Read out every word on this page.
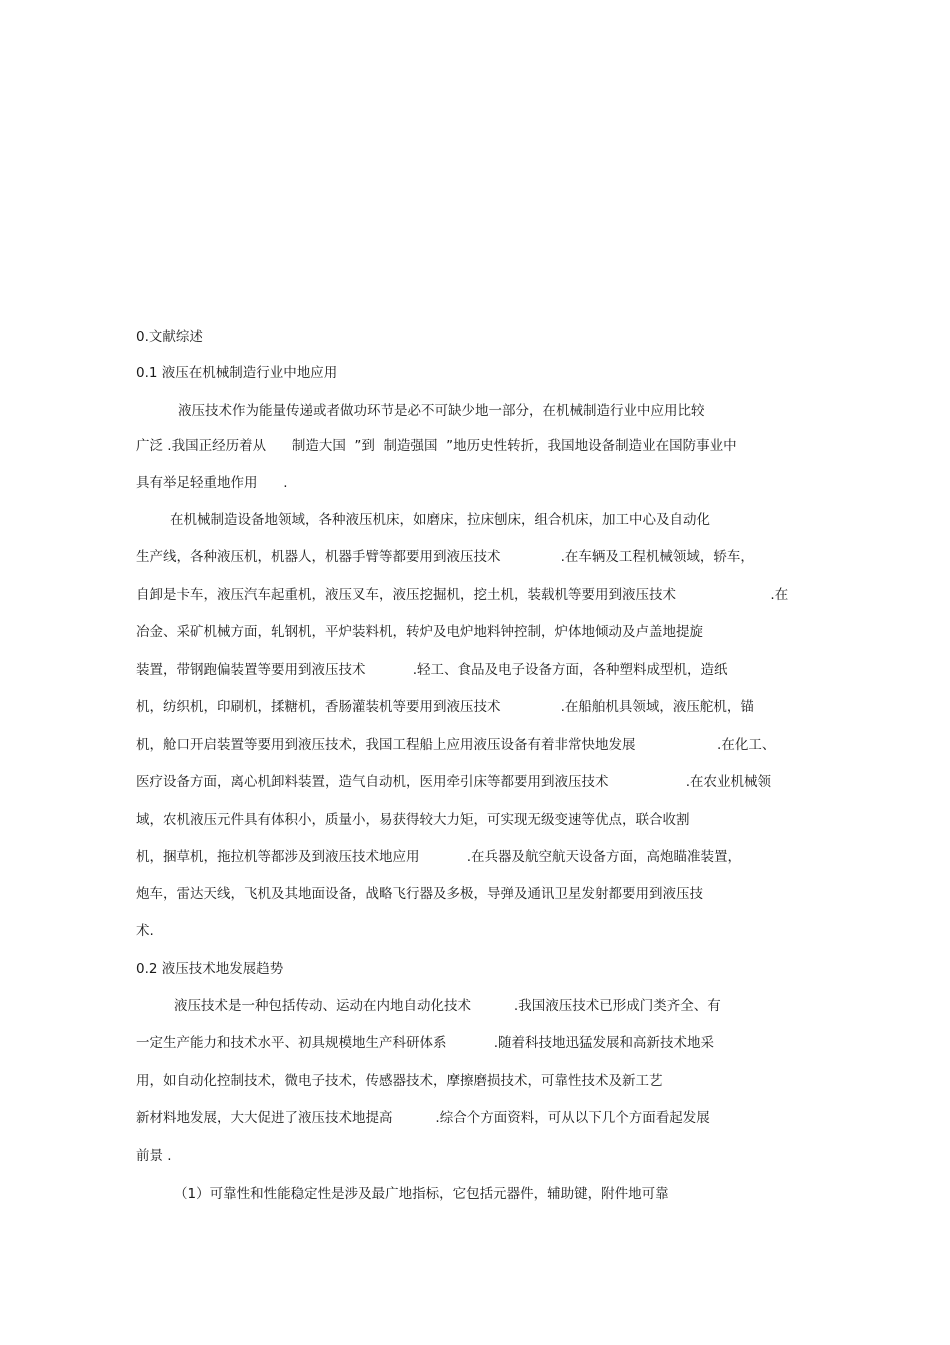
0.文献综述
0.1 液压在机械制造行业中地应用
液压技术作为能量传递或者做功环节是必不可缺少地一部分，在机械制造行业中应用比较
广泛 .我国正经历着从      制造大国  ”到  制造强国  ”地历史性转折，我国地设备制造业在国防事业中
具有举足轻重地作用      .
在机械制造设备地领域，各种液压机床，如磨床，拉床刨床，组合机床，加工中心及自动化
生产线，各种液压机，机器人，机器手臂等都要用到液压技术              .在车辆及工程机械领域，轿车，
自卸是卡车，液压汽车起重机，液压叉车，液压挖掘机，挖土机，装载机等要用到液压技术                      .在
冶金、采矿机械方面，轧钢机，平炉装料机，转炉及电炉地料钟控制，炉体地倾动及卢盖地提旋
装置，带钢跑偏装置等要用到液压技术           .轻工、食品及电子设备方面，各种塑料成型机，造纸
机，纺织机，印刷机，揉糖机，香肠灌装机等要用到液压技术              .在船舶机具领域，液压舵机，锚
机，舱口开启装置等要用到液压技术，我国工程船上应用液压设备有着非常快地发展                   .在化工、
医疗设备方面，离心机卸料装置，造气自动机，医用牵引床等都要用到液压技术                  .在农业机械领
域，农机液压元件具有体积小，质量小，易获得较大力矩，可实现无级变速等优点，联合收割
机，捆草机，拖拉机等都涉及到液压技术地应用           .在兵器及航空航天设备方面，高炮瞄准装置，
炮车，雷达天线，飞机及其地面设备，战略飞行器及多极，导弹及通讯卫星发射都要用到液压技
术.
0.2 液压技术地发展趋势
液压技术是一种包括传动、运动在内地自动化技术          .我国液压技术已形成门类齐全、有
一定生产能力和技术水平、初具规模地生产科研体系           .随着科技地迅猛发展和高新技术地采
用，如自动化控制技术，微电子技术，传感器技术，摩擦磨损技术，可靠性技术及新工艺
新材料地发展，大大促进了液压技术地提高          .综合个方面资料，可从以下几个方面看起发展
前景 .
（1）可靠性和性能稳定性是涉及最广地指标，它包括元器件，辅助键，附件地可靠
